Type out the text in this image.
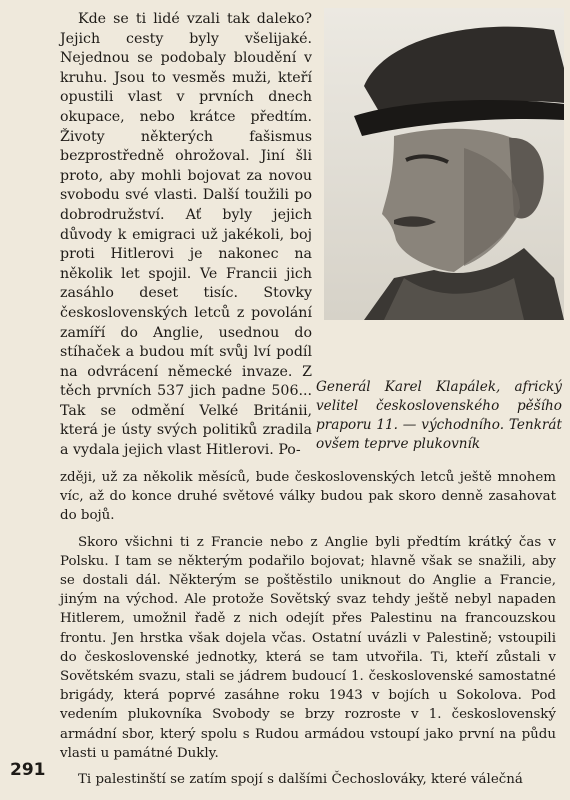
Kde se ti lidé vzali tak daleko? Jejich cesty byly všelijaké. Nejednou se podobaly bloudění v kruhu. Jsou to vesměs muži, kteří opustili vlast v prvních dnech okupace, nebo krátce předtím. Životy některých fašismus bezprostředně ohrožoval. Jiní šli proto, aby mohli bojovat za novou svobodu své vlasti. Další toužili po dobrodružství. Ať byly jejich důvody k emigraci už jakékoli, boj proti Hitlerovi je nakonec na několik let spojil. Ve Francii jich zasáhlo deset tisíc. Stovky československých letců z povolání zamíří do Anglie, usednou do stíhaček a budou mít svůj lví podíl na odvrácení německé invaze. Z těch prvních 537 jich padne 506... Tak se odmění Velké Británii, která je ústy svých politiků zradila a vydala jejich vlast Hitlerovi. Po-

Generál Karel Klapálek, africký velitel československého pěšího praporu 11. — východního. Tenkrát ovšem teprve plukovník

zději, už za několik měsíců, bude československých letců ještě mnohem víc, až do konce druhé světové války budou pak skoro denně zasahovat do bojů.

Skoro všichni ti z Francie nebo z Anglie byli předtím krátký čas v Polsku. I tam se některým podařilo bojovat; hlavně však se snažili, aby se dostali dál. Některým se poštěstilo uniknout do Anglie a Francie, jiným na východ. Ale protože Sovětský svaz tehdy ještě nebyl napaden Hitlerem, umožnil řadě z nich odejít přes Palestinu na francouzskou frontu. Jen hrstka však dojela včas. Ostatní uvázli v Palestině; vstoupili do československé jednotky, která se tam utvořila. Ti, kteří zůstali v Sovětském svazu, stali se jádrem budoucí 1. československé samostatné brigády, která poprvé zasáhne roku 1943 v bojích u Sokolova. Pod vedením plukovníka Svobody se brzy rozroste v 1. československý armádní sbor, který spolu s Rudou armádou vstoupí jako první na půdu vlasti u památné Dukly.

Ti palestinští se zatím spojí s dalšími Čechoslováky, které válečná

291
